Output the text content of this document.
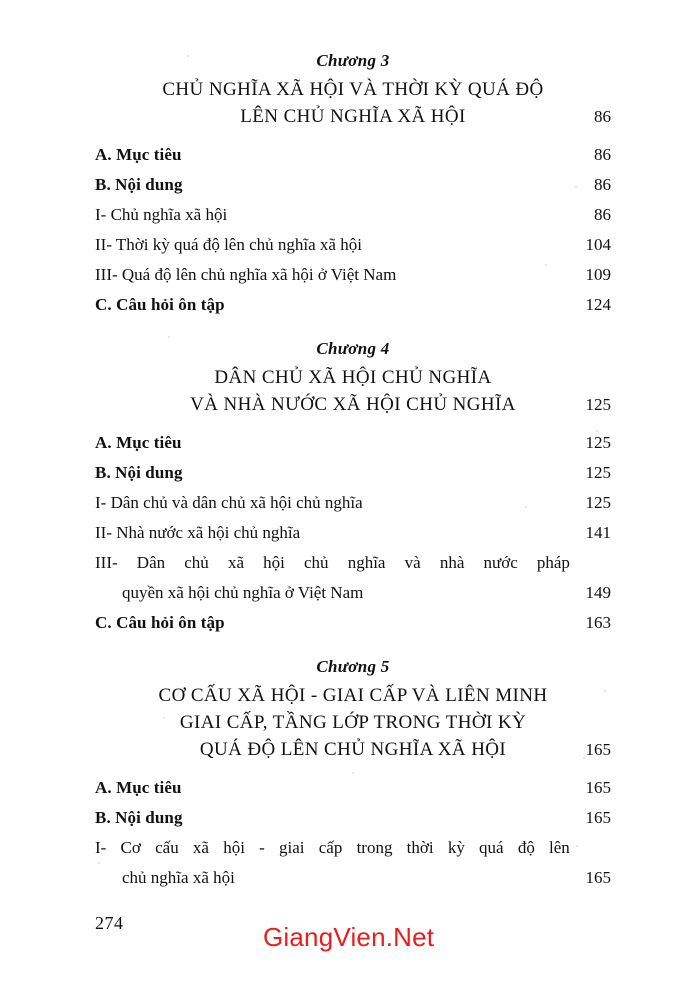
Chương 3
CHỦ NGHĨA XÃ HỘI VÀ THỜI KỲ QUÁ ĐỘ
LÊN CHỦ NGHĨA XÃ HỘI	86
A. Mục tiêu	86
B. Nội dung	86
I- Chủ nghĩa xã hội	86
II- Thời kỳ quá độ lên chủ nghĩa xã hội	104
III- Quá độ lên chủ nghĩa xã hội ở Việt Nam	109
C. Câu hỏi ôn tập	124
Chương 4
DÂN CHỦ XÃ HỘI CHỦ NGHĨA
VÀ NHÀ NƯỚC XÃ HỘI CHỦ NGHĨA	125
A. Mục tiêu	125
B. Nội dung	125
I- Dân chủ và dân chủ xã hội chủ nghĩa	125
II- Nhà nước xã hội chủ nghĩa	141
III- Dân chủ xã hội chủ nghĩa và nhà nước pháp
quyền xã hội chủ nghĩa ở Việt Nam	149
C. Câu hỏi ôn tập	163
Chương 5
CƠ CẤU XÃ HỘI - GIAI CẤP VÀ LIÊN MINH
GIAI CẤP, TẦNG LỚP TRONG THỜI KỲ
QUÁ ĐỘ LÊN CHỦ NGHĨA XÃ HỘI	165
A. Mục tiêu	165
B. Nội dung	165
I- Cơ cấu xã hội - giai cấp trong thời kỳ quá độ lên
chủ nghĩa xã hội	165
274	GiangVien.Net
